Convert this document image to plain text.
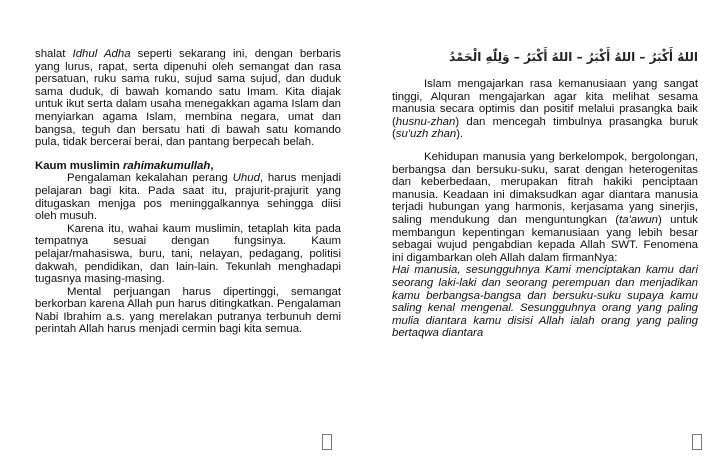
shalat Idhul Adha seperti sekarang ini, dengan berbaris yang lurus, rapat, serta dipenuhi oleh semangat dan rasa persatuan, ruku sama ruku, sujud sama sujud, dan duduk sama duduk, di bawah komando satu Imam. Kita diajak untuk ikut serta dalam usaha menegakkan agama Islam dan menyiarkan agama Islam, membina negara, umat dan bangsa, teguh dan bersatu hati di bawah satu komando pula, tidak bercerai berai, dan pantang berpecah belah.

Kaum muslimin rahimakumullah,

Pengalaman kekalahan perang Uhud, harus menjadi pelajaran bagi kita. Pada saat itu, prajurit-prajurit yang ditugaskan menjga pos meninggalkannya sehingga diisi oleh musuh.

Karena itu, wahai kaum muslimin, tetaplah kita pada tempatnya sesuai dengan fungsinya. Kaum pelajar/mahasiswa, buru, tani, nelayan, pedagang, politisi dakwah, pendidikan, dan lain-lain. Tekunlah menghadapi tugasnya masing-masing.

Mental perjuangan harus dipertinggi, semangat berkorban karena Allah pun harus ditingkatkan. Pengalaman Nabi Ibrahim a.s. yang merelakan putranya terbunuh demi perintah Allah harus menjadi cermin bagi kita semua.

اللهُ أَكْبَرُ – اللهُ أَكْبَرُ – اللهُ أَكْبَرُ – وَلِلّٰهِ الْحَمْدُ

Islam mengajarkan rasa kemanusiaan yang sangat tinggi, Alquran mengajarkan agar kita melihat sesama manusia secara optimis dan positif melalui prasangka baik (husnu-zhan) dan mencegah timbulnya prasangka buruk (su'uzh zhan).

Kehidupan manusia yang berkelompok, bergolongan, berbangsa dan bersuku-suku, sarat dengan heterogenitas dan keberbedaan, merupakan fitrah hakiki penciptaan manusia. Keadaan ini dimaksudkan agar diantara manusia terjadi hubungan yang harmonis, kerjasama yang sinerjis, saling mendukung dan menguntungkan (ta'awun) untuk membangun kepentingan kemanusiaan yang lebih besar sebagai wujud pengabdian kepada Allah SWT. Fenomena ini digambarkan oleh Allah dalam firmanNya:

Hai manusia, sesungguhnya Kami menciptakan kamu dari seorang laki-laki dan seorang perempuan dan menjadikan kamu berbangsa-bangsa dan bersuku-suku supaya kamu saling kenal mengenal. Sesungguhnya orang yang paling mulia diantara kamu disisi Allah ialah orang yang paling bertaqwa diantara
